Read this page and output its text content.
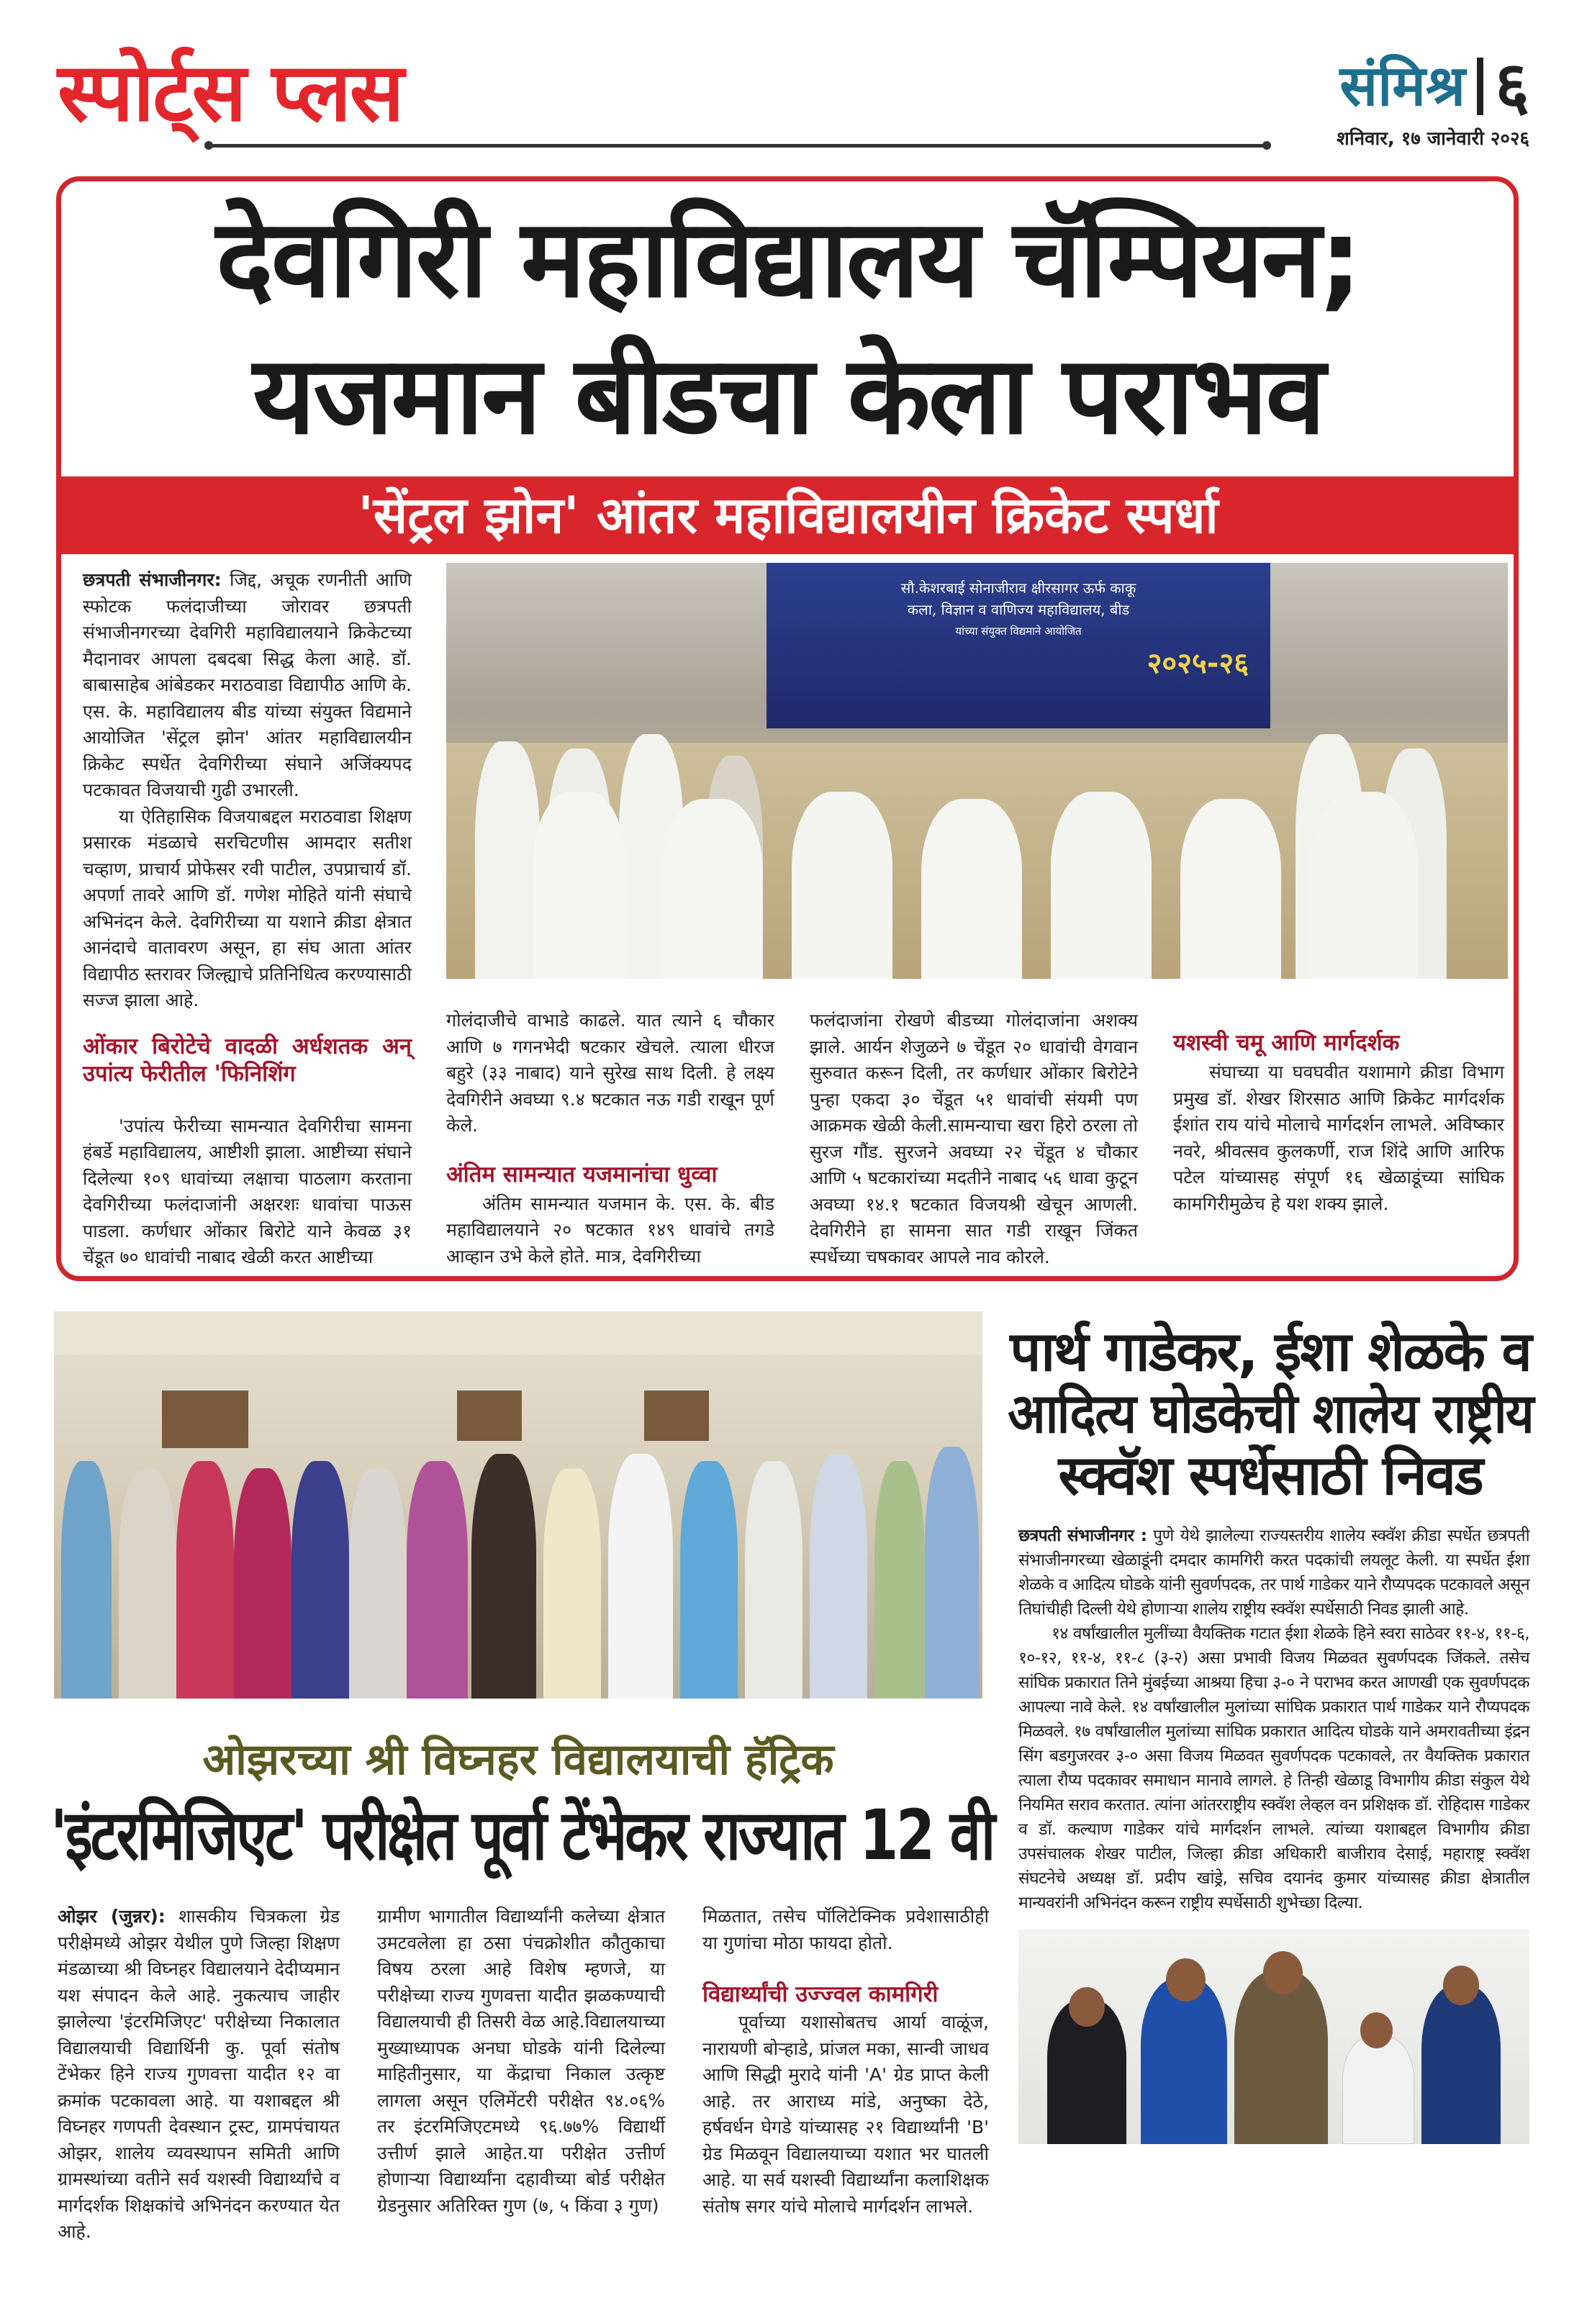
स्पोर्ट्स प्लस	संमिश्र ६
शनिवार, १७ जानेवारी २०२६
देवगिरी महाविद्यालय चॅम्पियन;
यजमान बीडचा केला पराभव
'सेंट्रल झोन' आंतर महाविद्यालयीन क्रिकेट स्पर्धा

छत्रपती संभाजीनगर: जिद्द, अचूक रणनीती आणि स्फोटक फलंदाजीच्या जोरावर छत्रपती संभाजीनगरच्या देवगिरी महाविद्यालयाने क्रिकेटच्या मैदानावर आपला दबदबा सिद्ध केला आहे. डॉ. बाबासाहेब आंबेडकर मराठवाडा विद्यापीठ आणि के. एस. के. महाविद्यालय बीड यांच्या संयुक्त विद्यमाने आयोजित 'सेंट्रल झोन' आंतर महाविद्यालयीन क्रिकेट स्पर्धेत देवगिरीच्या संघाने अजिंक्यपद पटकावत विजयाची गुढी उभारली.

या ऐतिहासिक विजयाबद्दल मराठवाडा शिक्षण प्रसारक मंडळाचे सरचिटणीस आमदार सतीश चव्हाण, प्राचार्य प्रोफेसर रवी पाटील, उपप्राचार्य डॉ. अपर्णा तावरे आणि डॉ. गणेश मोहिते यांनी संघाचे अभिनंदन केले. देवगिरीच्या या यशाने क्रीडा क्षेत्रात आनंदाचे वातावरण असून, हा संघ आता आंतर विद्यापीठ स्तरावर जिल्ह्याचे प्रतिनिधित्व करण्यासाठी सज्ज झाला आहे.

ओंकार बिरोटेचे वादळी अर्धशतक अन् उपांत्य फेरीतील 'फिनिशिंग

'उपांत्य फेरीच्या सामन्यात देवगिरीचा सामना हंबर्डे महाविद्यालय, आष्टीशी झाला. आष्टीच्या संघाने दिलेल्या १०९ धावांच्या लक्षाचा पाठलाग करताना देवगिरीच्या फलंदाजांनी अक्षरशः धावांचा पाऊस पाडला. कर्णधार ओंकार बिरोटे याने केवळ ३१ चेंडूत ७० धावांची नाबाद खेळी करत आष्टीच्या

सौ.केशरबाई सोनाजीराव क्षीरसागर ऊर्फ काकू
कला, विज्ञान व वाणिज्य महाविद्यालय, बीड
यांच्या संयुक्त विद्यमाने आयोजित
२०२५-२६

गोलंदाजीचे वाभाडे काढले. यात त्याने ६ चौकार आणि ७ गगनभेदी षटकार खेचले. त्याला धीरज बहुरे (३३ नाबाद) याने सुरेख साथ दिली. हे लक्ष्य देवगिरीने अवघ्या ९.४ षटकात नऊ गडी राखून पूर्ण केले.

अंतिम सामन्यात यजमानांचा धुव्वा

अंतिम सामन्यात यजमान के. एस. के. बीड महाविद्यालयाने २० षटकात १४९ धावांचे तगडे आव्हान उभे केले होते. मात्र, देवगिरीच्या

फलंदाजांना रोखणे बीडच्या गोलंदाजांना अशक्य झाले. आर्यन शेजुळने ७ चेंडूत २० धावांची वेगवान सुरुवात करून दिली, तर कर्णधार ओंकार बिरोटेने पुन्हा एकदा ३० चेंडूत ५१ धावांची संयमी पण आक्रमक खेळी केली.सामन्याचा खरा हिरो ठरला तो सुरज गौंड. सुरजने अवघ्या २२ चेंडूत ४ चौकार आणि ५ षटकारांच्या मदतीने नाबाद ५६ धावा कुटून अवघ्या १४.१ षटकात विजयश्री खेचून आणली. देवगिरीने हा सामना सात गडी राखून जिंकत स्पर्धेच्या चषकावर आपले नाव कोरले.

यशस्वी चमू आणि मार्गदर्शक

संघाच्या या घवघवीत यशामागे क्रीडा विभाग प्रमुख डॉ. शेखर शिरसाठ आणि क्रिकेट मार्गदर्शक ईशांत राय यांचे मोलाचे मार्गदर्शन लाभले. अविष्कार नवरे, श्रीवत्सव कुलकर्णी, राज शिंदे आणि आरिफ पटेल यांच्यासह संपूर्ण १६ खेळाडूंच्या सांघिक कामगिरीमुळेच हे यश शक्य झाले.

पार्थ गाडेकर, ईशा शेळके व
आदित्य घोडकेची शालेय राष्ट्रीय
स्क्वॅश स्पर्धेसाठी निवड

छत्रपती संभाजीनगर : पुणे येथे झालेल्या राज्यस्तरीय शालेय स्क्वॅश क्रीडा स्पर्धेत छत्रपती संभाजीनगरच्या खेळाडूंनी दमदार कामगिरी करत पदकांची लयलूट केली. या स्पर्धेत ईशा शेळके व आदित्य घोडके यांनी सुवर्णपदक, तर पार्थ गाडेकर याने रौप्यपदक पटकावले असून तिघांचीही दिल्ली येथे होणाऱ्या शालेय राष्ट्रीय स्क्वॅश स्पर्धेसाठी निवड झाली आहे.

१४ वर्षांखालील मुलींच्या वैयक्तिक गटात ईशा शेळके हिने स्वरा साठेवर ११-४, ११-६, १०-१२, ११-४, ११-८ (३-२) असा प्रभावी विजय मिळवत सुवर्णपदक जिंकले. तसेच सांघिक प्रकारात तिने मुंबईच्या आश्रया हिचा ३-० ने पराभव करत आणखी एक सुवर्णपदक आपल्या नावे केले. १४ वर्षांखालील मुलांच्या सांघिक प्रकारात पार्थ गाडेकर याने रौप्यपदक मिळवले. १७ वर्षांखालील मुलांच्या सांघिक प्रकारात आदित्य घोडके याने अमरावतीच्या इंद्रन सिंग बडगुजरवर ३-० असा विजय मिळवत सुवर्णपदक पटकावले, तर वैयक्तिक प्रकारात त्याला रौप्य पदकावर समाधान मानावे लागले. हे तिन्ही खेळाडू विभागीय क्रीडा संकुल येथे नियमित सराव करतात. त्यांना आंतरराष्ट्रीय स्क्वॅश लेव्हल वन प्रशिक्षक डॉ. रोहिदास गाडेकर व डॉ. कल्याण गाडेकर यांचे मार्गदर्शन लाभले. त्यांच्या यशाबद्दल विभागीय क्रीडा उपसंचालक शेखर पाटील, जिल्हा क्रीडा अधिकारी बाजीराव देसाई, महाराष्ट्र स्क्वॅश संघटनेचे अध्यक्ष डॉ. प्रदीप खांड्रे, सचिव दयानंद कुमार यांच्यासह क्रीडा क्षेत्रातील मान्यवरांनी अभिनंदन करून राष्ट्रीय स्पर्धेसाठी शुभेच्छा दिल्या.

ओझरच्या श्री विघ्नहर विद्यालयाची हॅट्रिक
'इंटरमिजिएट' परीक्षेत पूर्वा टेंभेकर राज्यात 12 वी

ओझर (जुन्नर): शासकीय चित्रकला ग्रेड परीक्षेमध्ये ओझर येथील पुणे जिल्हा शिक्षण मंडळाच्या श्री विघ्नहर विद्यालयाने देदीप्यमान यश संपादन केले आहे. नुकत्याच जाहीर झालेल्या 'इंटरमिजिएट' परीक्षेच्या निकालात विद्यालयाची विद्यार्थिनी कु. पूर्वा संतोष टेंभेकर हिने राज्य गुणवत्ता यादीत १२ वा क्रमांक पटकावला आहे. या यशाबद्दल श्री विघ्नहर गणपती देवस्थान ट्रस्ट, ग्रामपंचायत ओझर, शालेय व्यवस्थापन समिती आणि ग्रामस्थांच्या वतीने सर्व यशस्वी विद्यार्थ्यांचे व मार्गदर्शक शिक्षकांचे अभिनंदन करण्यात येत आहे.

ग्रामीण भागातील विद्यार्थ्यांनी कलेच्या क्षेत्रात उमटवलेला हा ठसा पंचक्रोशीत कौतुकाचा विषय ठरला आहे विशेष म्हणजे, या परीक्षेच्या राज्य गुणवत्ता यादीत झळकण्याची विद्यालयाची ही तिसरी वेळ आहे.विद्यालयाच्या मुख्याध्यापक अनघा घोडके यांनी दिलेल्या माहितीनुसार, या केंद्राचा निकाल उत्कृष्ट लागला असून एलिमेंटरी परीक्षेत ९४.०६% तर इंटरमिजिएटमध्ये ९६.७७% विद्यार्थी उत्तीर्ण झाले आहेत.या परीक्षेत उत्तीर्ण होणाऱ्या विद्यार्थ्यांना दहावीच्या बोर्ड परीक्षेत ग्रेडनुसार अतिरिक्त गुण (७, ५ किंवा ३ गुण)

मिळतात, तसेच पॉलिटेक्निक प्रवेशासाठीही या गुणांचा मोठा फायदा होतो.

विद्यार्थ्यांची उज्ज्वल कामगिरी

पूर्वाच्या यशासोबतच आर्या वाळूंज, नारायणी बोऱ्हाडे, प्रांजल मका, सान्वी जाधव आणि सिद्धी मुरादे यांनी 'A' ग्रेड प्राप्त केली आहे. तर आराध्य मांडे, अनुष्का देठे, हर्षवर्धन घेगडे यांच्यासह २१ विद्यार्थ्यांनी 'B' ग्रेड मिळवून विद्यालयाच्या यशात भर घातली आहे. या सर्व यशस्वी विद्यार्थ्यांना कलाशिक्षक संतोष सगर यांचे मोलाचे मार्गदर्शन लाभले.
